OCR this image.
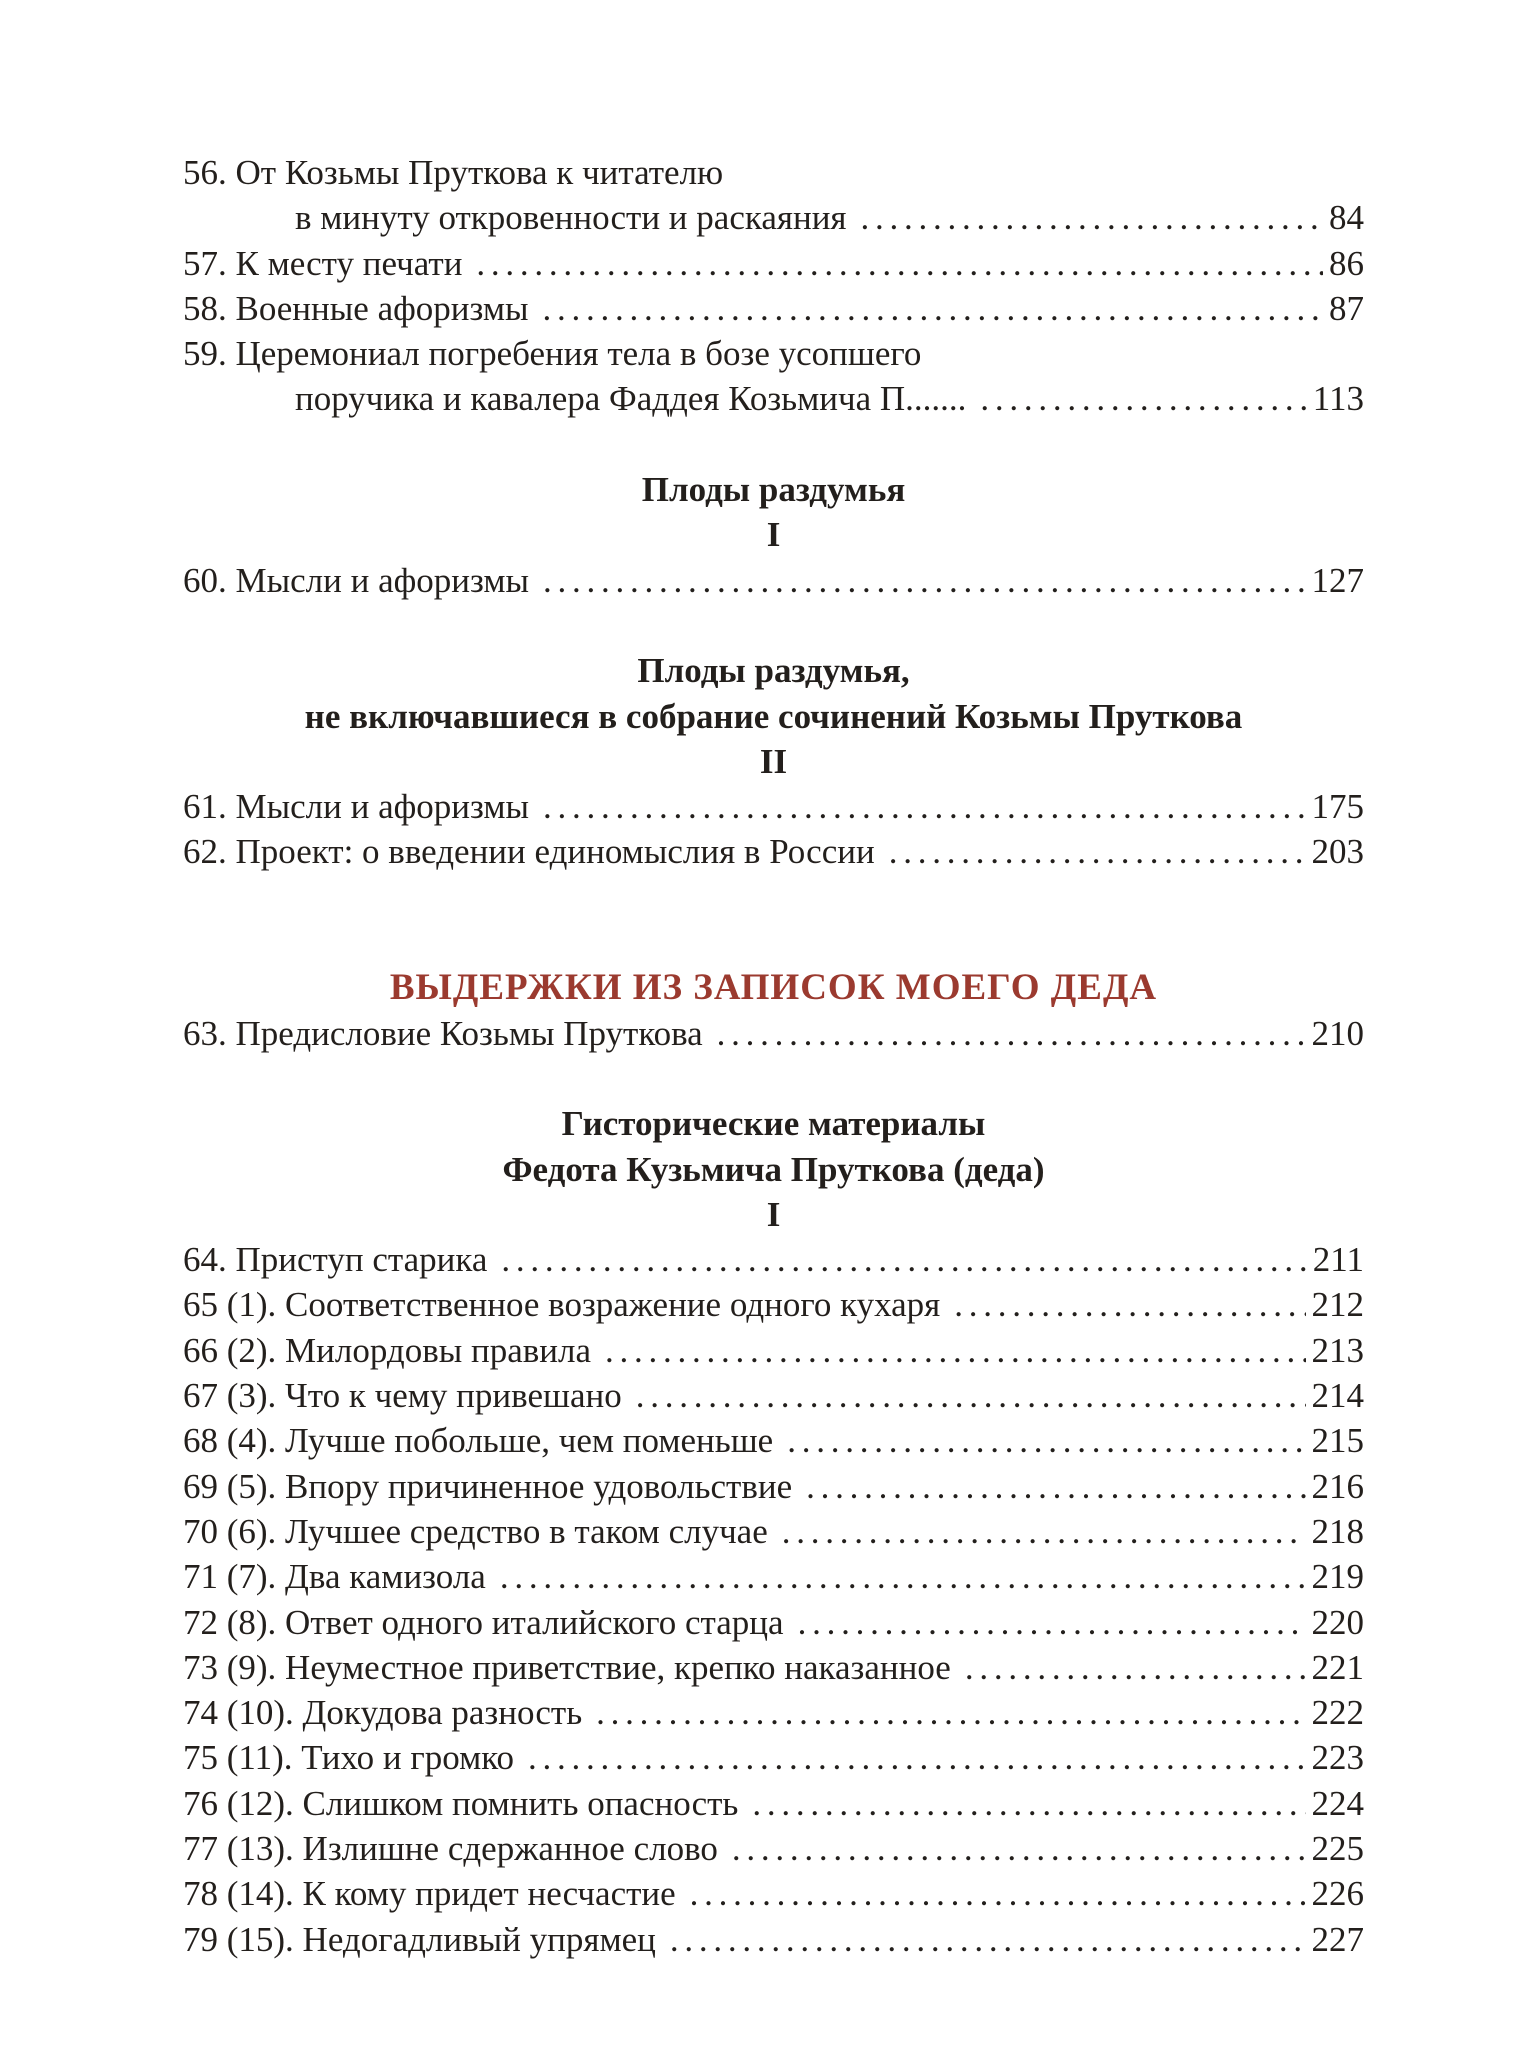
56. От Козьмы Пруткова к читателю
в минуту откровенности и раскаяния . . .	84
57. К месту печати . . .	86
58. Военные афоризмы . . .	87
59. Церемониал погребения тела в бозе усопшего
поручика и кавалера Фаддея Козьмича П....... . . .	113
Плоды раздумья
I
60. Мысли и афоризмы . . .	127
Плоды раздумья,
не включавшиеся в собрание сочинений Козьмы Пруткова
II
61. Мысли и афоризмы . . .	175
62. Проект: о введении единомыслия в России . . .	203
ВЫДЕРЖКИ ИЗ ЗАПИСОК МОЕГО ДЕДА
63. Предисловие Козьмы Пруткова . . .	210
Гисторические материалы
Федота Кузьмича Пруткова (деда)
I
64. Приступ старика . . .	211
65 (1). Соответственное возражение одного кухаря . . .	212
66 (2). Милордовы правила . . .	213
67 (3). Что к чему привешано . . .	214
68 (4). Лучше побольше, чем поменьше . . .	215
69 (5). Впору причиненное удовольствие . . .	216
70 (6). Лучшее средство в таком случае . . .	218
71 (7). Два камизола . . .	219
72 (8). Ответ одного италийского старца . . .	220
73 (9). Неуместное приветствие, крепко наказанное . . .	221
74 (10). Докудова разность . . .	222
75 (11). Тихо и громко . . .	223
76 (12). Слишком помнить опасность . . .	224
77 (13). Излишне сдержанное слово . . .	225
78 (14). К кому придет несчастие . . .	226
79 (15). Недогадливый упрямец . . .	227
